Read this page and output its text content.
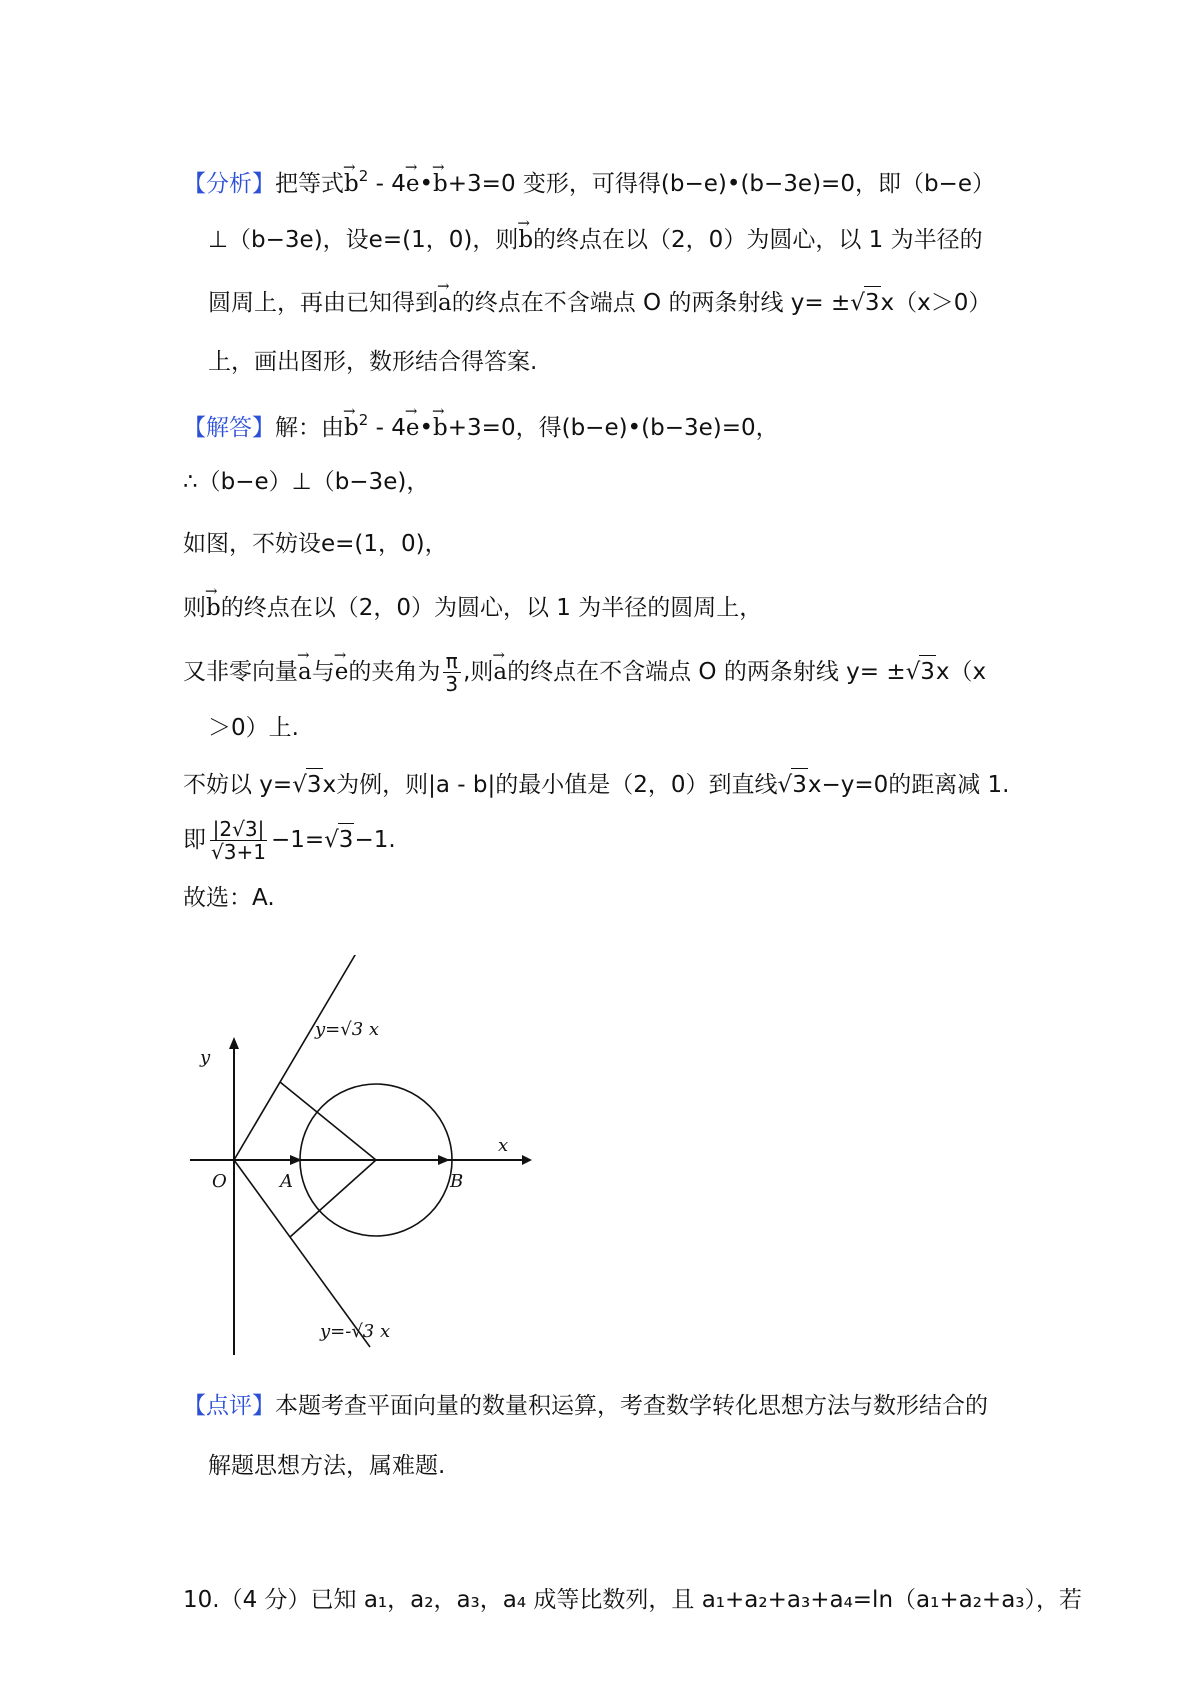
【分析】把等式→ $b^2 - 4\to$ e•→ b+3=0 变形，可得得(b−e)•(b−3e)=0，即（b−e）
⊥（b−3e)，设e=(1，0)，则→ b的终点在以（2，0）为圆心，以 1 为半径的
圆周上，再由已知得到→ a的终点在不含端点 O 的两条射线 y= ±√3x（x＞0）
上，画出图形，数形结合得答案.
【解答】解：由→ $b^2 - 4\to$ e•→ b+3=0，得(b−e)•(b−3e)=0，
∴（b−e）⊥（b−3e)，
如图，不妨设e=(1，0)，
则→ b的终点在以（2，0）为圆心，以 1 为半径的圆周上，
又非零向量→ a与→ e的夹角为 $\frac{\pi}{3}$ ,则→ a的终点在不含端点 O 的两条射线 y= ±√3x（x
＞0）上.
不妨以 y=√3x为例，则|a - b|的最小值是（2，0）到直线√3x−y=0的距离减 1.
即 $\frac{|2√3|}{√3+1} -1=√3-1$.
故选：A.
y
x
O	A	B
y=√3 x
y=-√3 x
【点评】本题考查平面向量的数量积运算，考查数学转化思想方法与数形结合的
解题思想方法，属难题.
10.（4 分）已知 a₁，a₂，a₃，a₄ 成等比数列，且 a₁+a₂+a₃+a₄=ln（a₁+a₂+a₃），若
